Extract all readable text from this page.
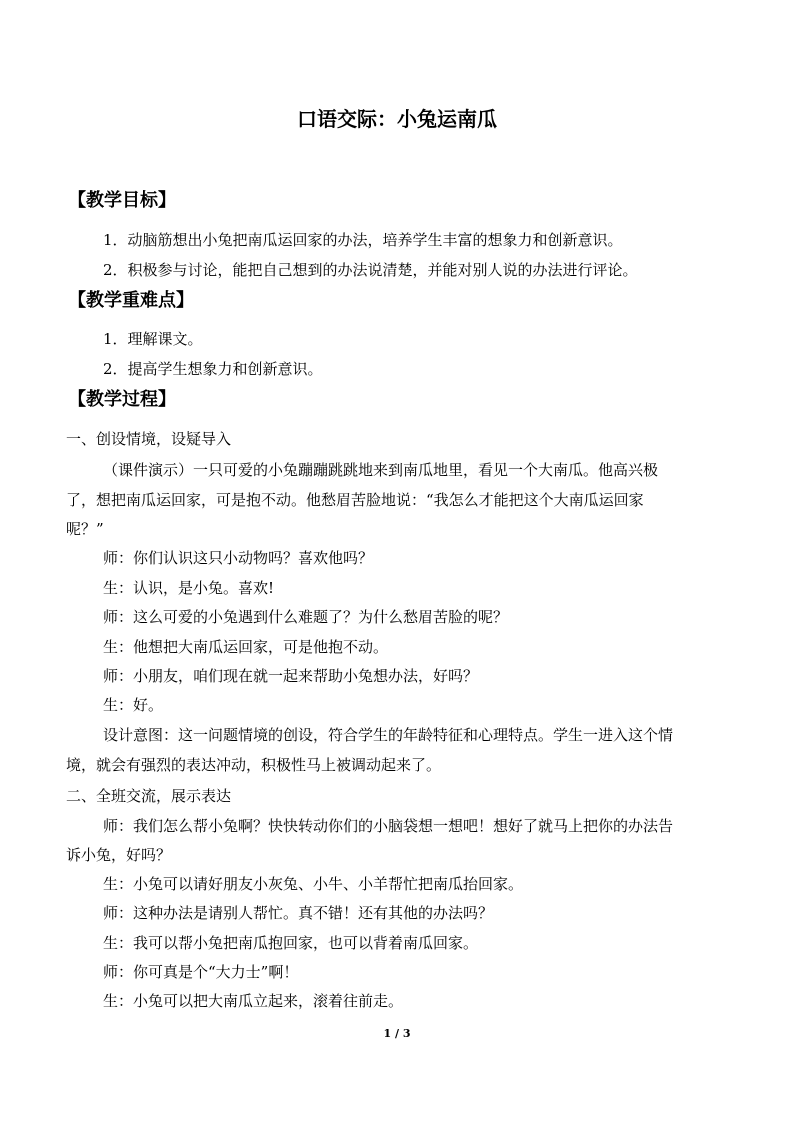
口语交际：小兔运南瓜
【教学目标】
1．动脑筋想出小兔把南瓜运回家的办法，培养学生丰富的想象力和创新意识。
2．积极参与讨论，能把自己想到的办法说清楚，并能对别人说的办法进行评论。
【教学重难点】
1．理解课文。
2．提高学生想象力和创新意识。
【教学过程】
一、创设情境，设疑导入
（课件演示）一只可爱的小兔蹦蹦跳跳地来到南瓜地里，看见一个大南瓜。他高兴极
了，想把南瓜运回家，可是抱不动。他愁眉苦脸地说：“我怎么才能把这个大南瓜运回家
呢？”
师：你们认识这只小动物吗？喜欢他吗？
生：认识，是小兔。喜欢!
师：这么可爱的小兔遇到什么难题了？为什么愁眉苦脸的呢？
生：他想把大南瓜运回家，可是他抱不动。
师：小朋友，咱们现在就一起来帮助小兔想办法，好吗？
生：好。
设计意图：这一问题情境的创设，符合学生的年龄特征和心理特点。学生一进入这个情
境，就会有强烈的表达冲动，积极性马上被调动起来了。
二、全班交流，展示表达
师：我们怎么帮小兔啊？快快转动你们的小脑袋想一想吧！想好了就马上把你的办法告
诉小兔，好吗？
生：小兔可以请好朋友小灰兔、小牛、小羊帮忙把南瓜抬回家。
师：这种办法是请别人帮忙。真不错！还有其他的办法吗？
生：我可以帮小兔把南瓜抱回家，也可以背着南瓜回家。
师：你可真是个“大力士”啊！
生：小兔可以把大南瓜立起来，滚着往前走。
1 / 3
